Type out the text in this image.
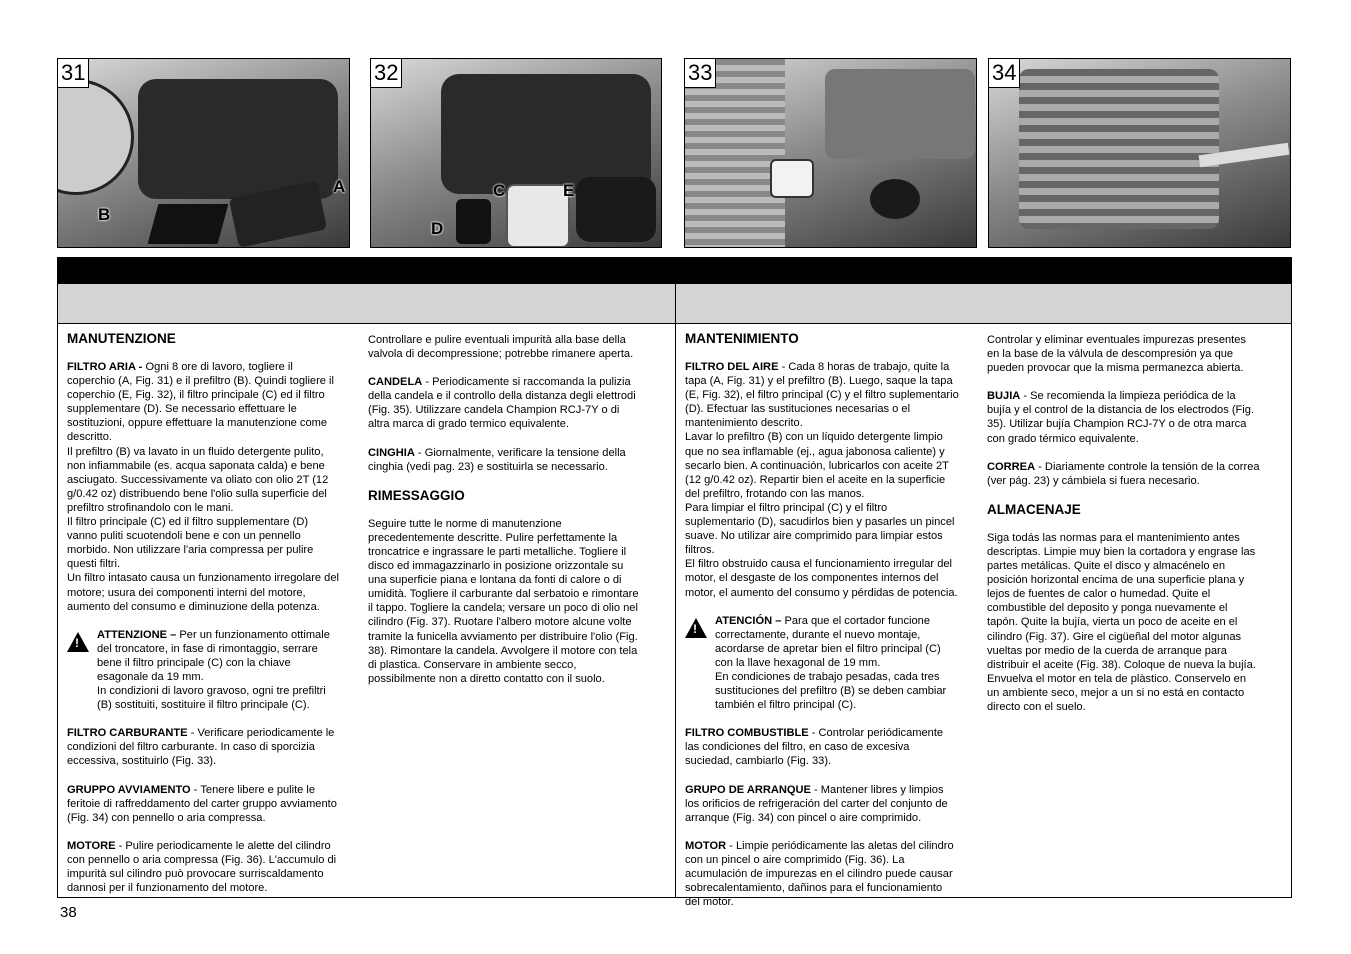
31
A
B
32
C	E
D
33	34

MANUTENZIONE

FILTRO ARIA - Ogni 8 ore di lavoro, togliere il coperchio (A, Fig. 31) e il prefiltro (B). Quindi togliere il coperchio (E, Fig. 32), il filtro principale (C) ed il filtro supplementare (D). Se necessario effettuare le sostituzioni, oppure effettuare la manutenzione come descritto.

Il prefiltro (B) va lavato in un fluido detergente pulito, non infiammabile (es. acqua saponata calda) e bene asciugato. Successivamente va oliato con olio 2T (12 g/0.42 oz) distribuendo bene l'olio sulla superficie del prefiltro strofinandolo con le mani.

Il filtro principale (C) ed il filtro supplementare (D) vanno puliti scuotendoli bene e con un pennello morbido. Non utilizzare l'aria compressa per pulire questi filtri.

Un filtro intasato causa un funzionamento irregolare del motore; usura dei componenti interni del motore, aumento del consumo e diminuzione della potenza.

!
ATTENZIONE – Per un funzionamento ottimale del troncatore, in fase di rimontaggio, serrare bene il filtro principale (C) con la chiave esagonale da 19 mm.
In condizioni di lavoro gravoso, ogni tre prefiltri (B) sostituiti, sostituire il filtro principale (C).

FILTRO CARBURANTE - Verificare periodicamente le condizioni del filtro carburante. In caso di sporcizia eccessiva, sostituirlo (Fig. 33).

GRUPPO AVVIAMENTO - Tenere libere e pulite le feritoie di raffreddamento del carter gruppo avviamento (Fig. 34) con pennello o aria compressa.

MOTORE - Pulire periodicamente le alette del cilindro con pennello o aria compressa (Fig. 36). L'accumulo di impurità sul cilindro può provocare surriscaldamento dannosi per il funzionamento del motore.

Controllare e pulire eventuali impurità alla base della valvola di decompressione; potrebbe rimanere aperta.

CANDELA - Periodicamente si raccomanda la pulizia della candela e il controllo della distanza degli elettrodi (Fig. 35). Utilizzare candela Champion RCJ-7Y o di altra marca di grado termico equivalente.

CINGHIA - Giornalmente, verificare la tensione della cinghia (vedi pag. 23) e sostituirla se necessario.

RIMESSAGGIO

Seguire tutte le norme di manutenzione precedentemente descritte. Pulire perfettamente la troncatrice e ingrassare le parti metalliche. Togliere il disco ed immagazzinarlo in posizione orizzontale su una superficie piana e lontana da fonti di calore o di umidità. Togliere il carburante dal serbatoio e rimontare il tappo. Togliere la candela; versare un poco di olio nel cilindro (Fig. 37). Ruotare l'albero motore alcune volte tramite la funicella avviamento per distribuire l'olio (Fig. 38). Rimontare la candela. Avvolgere il motore con tela di plastica. Conservare in ambiente secco, possibilmente non a diretto contatto con il suolo.

MANTENIMIENTO

FILTRO DEL AIRE - Cada 8 horas de trabajo, quite la tapa (A, Fig. 31) y el prefiltro (B). Luego, saque la tapa (E, Fig. 32), el filtro principal (C) y el filtro suplementario (D). Efectuar las sustituciones necesarias o el mantenimiento descrito.

Lavar lo prefiltro (B) con un líquido detergente limpio que no sea inflamable (ej., agua jabonosa caliente) y secarlo bien. A continuación, lubricarlos con aceite 2T (12 g/0.42 oz). Repartir bien el aceite en la superficie del prefiltro, frotando con las manos.

Para limpiar el filtro principal (C) y el filtro suplementario (D), sacudirlos bien y pasarles un pincel suave. No utilizar aire comprimido para limpiar estos filtros.

El filtro obstruido causa el funcionamiento irregular del motor, el desgaste de los componentes internos del motor, el aumento del consumo y pérdidas de potencia.

!
ATENCIÓN – Para que el cortador funcione correctamente, durante el nuevo montaje, acordarse de apretar bien el filtro principal (C) con la llave hexagonal de 19 mm.
En condiciones de trabajo pesadas, cada tres sustituciones del prefiltro (B) se deben cambiar también el filtro principal (C).

FILTRO COMBUSTIBLE - Controlar periódicamente las condiciones del filtro, en caso de excesiva suciedad, cambiarlo (Fig. 33).

GRUPO DE ARRANQUE - Mantener libres y limpios los orificios de refrigeración del carter del conjunto de arranque (Fig. 34) con pincel o aire comprimido.

MOTOR - Limpie periódicamente las aletas del cilindro con un pincel o aire comprimido (Fig. 36). La acumulación de impurezas en el cilindro puede causar sobrecalentamiento, dañinos para el funcionamiento del motor.

Controlar y eliminar eventuales impurezas presentes en la base de la válvula de descompresión ya que pueden provocar que la misma permanezca abierta.

BUJIA - Se recomienda la limpieza periódica de la bujía y el control de la distancia de los electrodos (Fig. 35). Utilizar bujía Champion RCJ-7Y o de otra marca con grado térmico equivalente.

CORREA - Diariamente controle la tensión de la correa (ver pág. 23) y cámbiela si fuera necesario.

ALMACENAJE

Siga todás las normas para el mantenimiento antes descriptas. Limpie muy bien la cortadora y engrase las partes metálicas. Quite el disco y almacénelo en posición horizontal encima de una superficie plana y lejos de fuentes de calor o humedad. Quite el combustible del deposito y ponga nuevamente el tapón. Quite la bujía, vierta un poco de aceite en el cilindro (Fig. 37). Gire el cigüeñal del motor algunas vueltas por medio de la cuerda de arranque para distribuir el aceite (Fig. 38). Coloque de nueva la bujía. Envuelva el motor en tela de plàstico. Conservelo en un ambiente seco, mejor a un si no está en contacto directo con el suelo.

38
